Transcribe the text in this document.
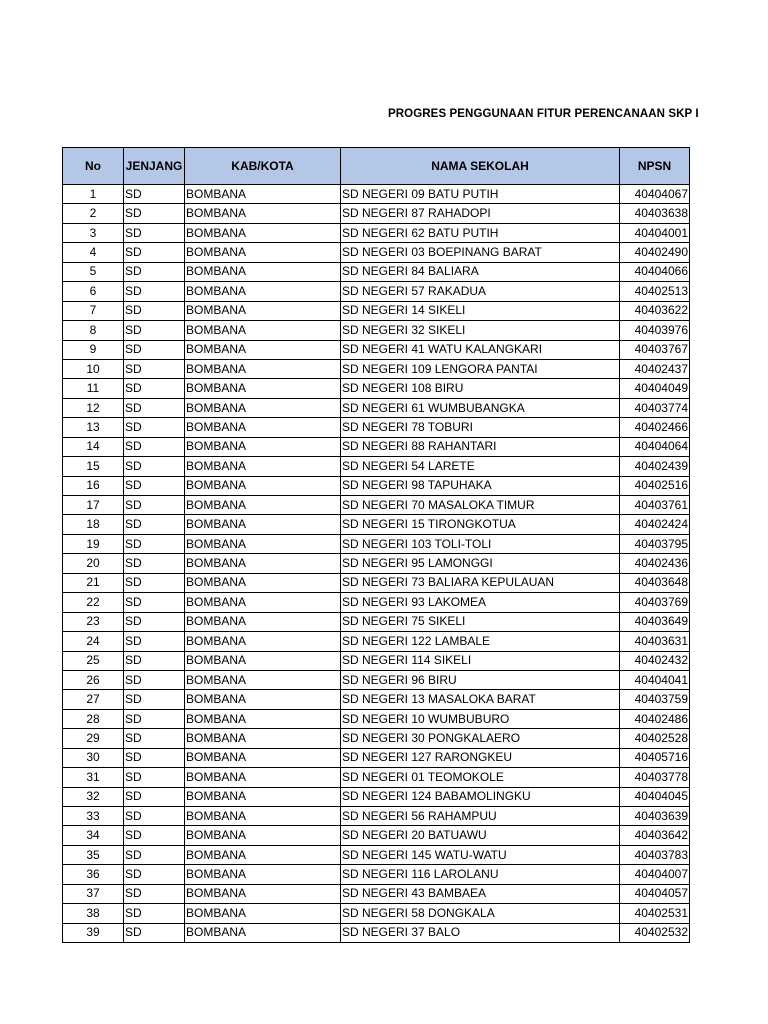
PROGRES PENGGUNAAN FITUR PERENCANAAN SKP I
No	JENJANG	KAB/KOTA	NAMA SEKOLAH	NPSN
1	SD	BOMBANA	SD NEGERI 09 BATU PUTIH	40404067
2	SD	BOMBANA	SD NEGERI 87 RAHADOPI	40403638
3	SD	BOMBANA	SD NEGERI 62 BATU PUTIH	40404001
4	SD	BOMBANA	SD NEGERI 03 BOEPINANG BARAT	40402490
5	SD	BOMBANA	SD NEGERI 84 BALIARA	40404066
6	SD	BOMBANA	SD NEGERI 57 RAKADUA	40402513
7	SD	BOMBANA	SD NEGERI 14 SIKELI	40403622
8	SD	BOMBANA	SD NEGERI 32 SIKELI	40403976
9	SD	BOMBANA	SD NEGERI 41 WATU KALANGKARI	40403767
10	SD	BOMBANA	SD NEGERI 109 LENGORA PANTAI	40402437
11	SD	BOMBANA	SD NEGERI 108 BIRU	40404049
12	SD	BOMBANA	SD NEGERI 61 WUMBUBANGKA	40403774
13	SD	BOMBANA	SD NEGERI 78 TOBURI	40402466
14	SD	BOMBANA	SD NEGERI 88 RAHANTARI	40404064
15	SD	BOMBANA	SD NEGERI 54 LARETE	40402439
16	SD	BOMBANA	SD NEGERI 98 TAPUHAKA	40402516
17	SD	BOMBANA	SD NEGERI 70 MASALOKA TIMUR	40403761
18	SD	BOMBANA	SD NEGERI 15 TIRONGKOTUA	40402424
19	SD	BOMBANA	SD NEGERI 103 TOLI-TOLI	40403795
20	SD	BOMBANA	SD NEGERI 95 LAMONGGI	40402436
21	SD	BOMBANA	SD NEGERI 73 BALIARA KEPULAUAN	40403648
22	SD	BOMBANA	SD NEGERI 93 LAKOMEA	40403769
23	SD	BOMBANA	SD NEGERI 75 SIKELI	40403649
24	SD	BOMBANA	SD NEGERI 122 LAMBALE	40403631
25	SD	BOMBANA	SD NEGERI 114 SIKELI	40402432
26	SD	BOMBANA	SD NEGERI 96 BIRU	40404041
27	SD	BOMBANA	SD NEGERI 13 MASALOKA BARAT	40403759
28	SD	BOMBANA	SD NEGERI 10 WUMBUBURO	40402486
29	SD	BOMBANA	SD NEGERI 30 PONGKALAERO	40402528
30	SD	BOMBANA	SD NEGERI 127 RARONGKEU	40405716
31	SD	BOMBANA	SD NEGERI 01 TEOMOKOLE	40403778
32	SD	BOMBANA	SD NEGERI 124 BABAMOLINGKU	40404045
33	SD	BOMBANA	SD NEGERI 56 RAHAMPUU	40403639
34	SD	BOMBANA	SD NEGERI 20 BATUAWU	40403642
35	SD	BOMBANA	SD NEGERI 145 WATU-WATU	40403783
36	SD	BOMBANA	SD NEGERI 116 LAROLANU	40404007
37	SD	BOMBANA	SD NEGERI 43 BAMBAEA	40404057
38	SD	BOMBANA	SD NEGERI 58 DONGKALA	40402531
39	SD	BOMBANA	SD NEGERI 37 BALO	40402532
